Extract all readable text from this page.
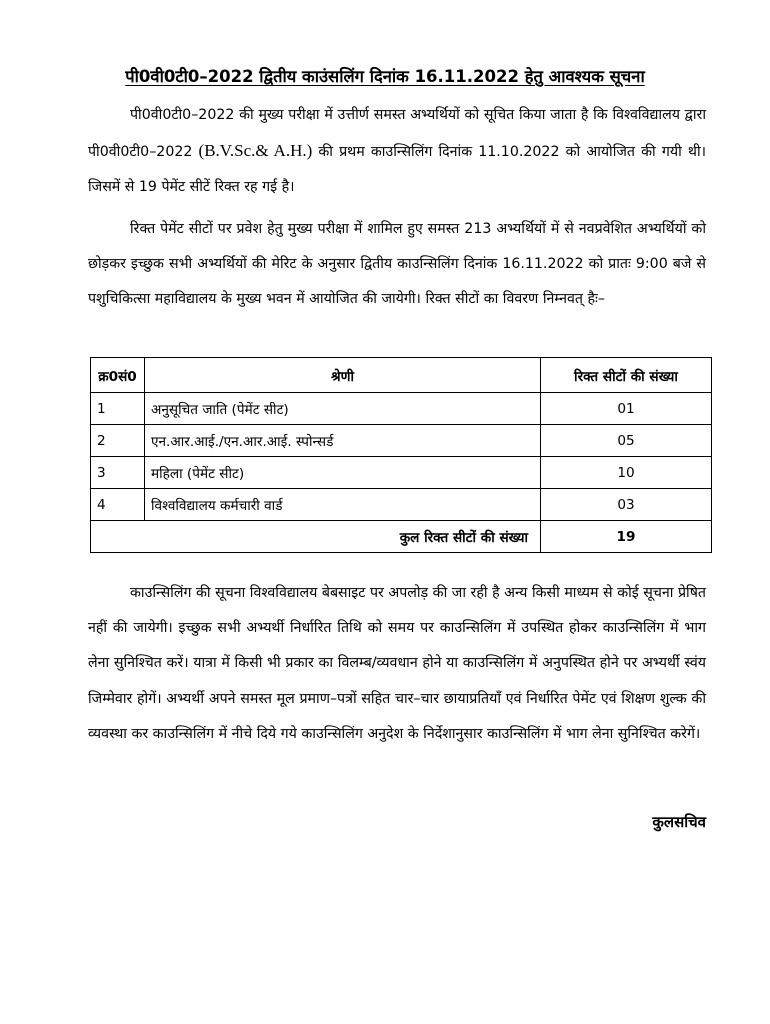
पी0वी0टी0–2022 द्वितीय काउंसलिंग दिनांक 16.11.2022 हेतु आवश्यक सूचना

पी0वी0टी0–2022 की मुख्य परीक्षा में उत्तीर्ण समस्त अभ्यर्थियों को सूचित किया जाता है कि विश्वविद्यालय द्वारा पी0वी0टी0–2022 (B.V.Sc.& A.H.) की प्रथम काउन्सिलिंग दिनांक 11.10.2022 को आयोजित की गयी थी। जिसमें से 19 पेमेंट सीटें रिक्त रह गई है।

रिक्त पेमेंट सीटों पर प्रवेश हेतु मुख्य परीक्षा में शामिल हुए समस्त 213 अभ्यर्थियों में से नवप्रवेशित अभ्यर्थियों को छोड़कर इच्छुक सभी अभ्यर्थियों की मेरिट के अनुसार द्वितीय काउन्सिलिंग दिनांक 16.11.2022 को प्रातः 9:00 बजे से पशुचिकित्सा महाविद्यालय के मुख्य भवन में आयोजित की जायेगी। रिक्त सीटों का विवरण निम्नवत् हैः–

क्र0सं0	श्रेणी	रिक्त सीटों की संख्या
1	अनुसूचित जाति (पेमेंट सीट)	01
2	एन.आर.आई./एन.आर.आई. स्पोन्सर्ड	05
3	महिला (पेमेंट सीट)	10
4	विश्वविद्यालय कर्मचारी वार्ड	03
कुल रिक्त सीटों की संख्या		19

काउन्सिलिंग की सूचना विश्वविद्यालय बेबसाइट पर अपलोड़ की जा रही है अन्य किसी माध्यम से कोई सूचना प्रेषित नहीं की जायेगी। इच्छुक सभी अभ्यर्थी निर्धारित तिथि को समय पर काउन्सिलिंग में उपस्थित होकर काउन्सिलिंग में भाग लेना सुनिश्चित करें। यात्रा में किसी भी प्रकार का विलम्ब/व्यवधान होने या काउन्सिलिंग में अनुपस्थित होने पर अभ्यर्थी स्वंय जिम्मेवार होगें। अभ्यर्थी अपने समस्त मूल प्रमाण–पत्रों सहित चार–चार छायाप्रतियाँ एवं निर्धारित पेमेंट एवं शिक्षण शुल्क की व्यवस्था कर काउन्सिलिंग में नीचे दिये गये काउन्सिलिंग अनुदेश के निर्देशानुसार काउन्सिलिंग में भाग लेना सुनिश्चित करेगें।

कुलसचिव
